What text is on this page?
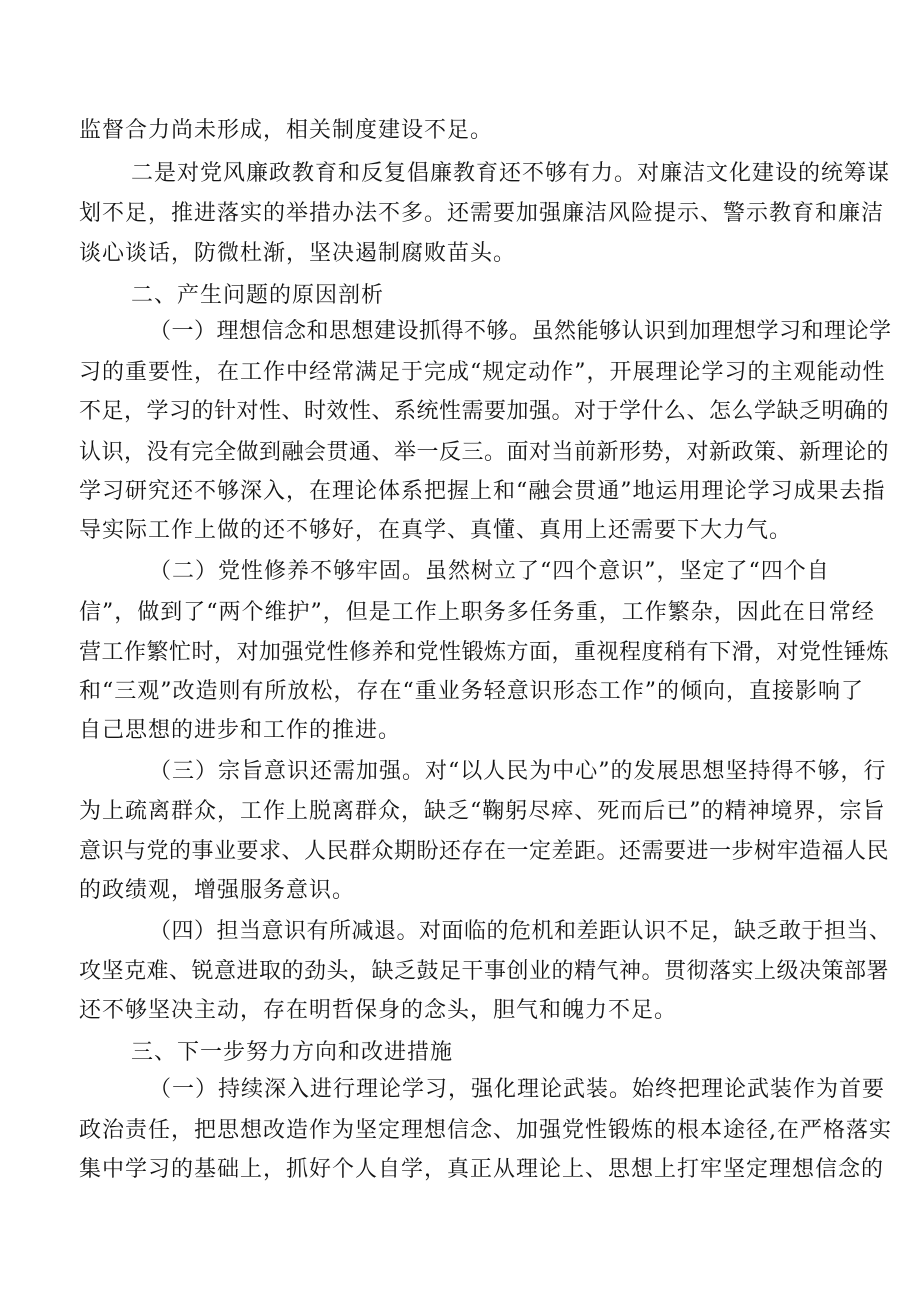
监督合力尚未形成，相关制度建设不足。
二是对党风廉政教育和反复倡廉教育还不够有力。对廉洁文化建设的统筹谋
划不足，推进落实的举措办法不多。还需要加强廉洁风险提示、警示教育和廉洁
谈心谈话，防微杜渐，坚决遏制腐败苗头。
二、产生问题的原因剖析
（一）理想信念和思想建设抓得不够。虽然能够认识到加理想学习和理论学
习的重要性，在工作中经常满足于完成“规定动作”，开展理论学习的主观能动性
不足，学习的针对性、时效性、系统性需要加强。对于学什么、怎么学缺乏明确的
认识，没有完全做到融会贯通、举一反三。面对当前新形势，对新政策、新理论的
学习研究还不够深入，在理论体系把握上和“融会贯通”地运用理论学习成果去指
导实际工作上做的还不够好，在真学、真懂、真用上还需要下大力气。
（二）党性修养不够牢固。虽然树立了“四个意识”，坚定了“四个自
信”，做到了“两个维护”，但是工作上职务多任务重，工作繁杂，因此在日常经
营工作繁忙时，对加强党性修养和党性锻炼方面，重视程度稍有下滑，对党性锤炼
和“三观”改造则有所放松，存在“重业务轻意识形态工作”的倾向，直接影响了
自己思想的进步和工作的推进。
（三）宗旨意识还需加强。对“以人民为中心”的发展思想坚持得不够，行
为上疏离群众，工作上脱离群众，缺乏“鞠躬尽瘁、死而后已”的精神境界，宗旨
意识与党的事业要求、人民群众期盼还存在一定差距。还需要进一步树牢造福人民
的政绩观，增强服务意识。
（四）担当意识有所减退。对面临的危机和差距认识不足，缺乏敢于担当、
攻坚克难、锐意进取的劲头，缺乏鼓足干事创业的精气神。贯彻落实上级决策部署
还不够坚决主动，存在明哲保身的念头，胆气和魄力不足。
三、下一步努力方向和改进措施
（一）持续深入进行理论学习，强化理论武装。始终把理论武装作为首要
政治责任，把思想改造作为坚定理想信念、加强党性锻炼的根本途径,在严格落实
集中学习的基础上，抓好个人自学，真正从理论上、思想上打牢坚定理想信念的
